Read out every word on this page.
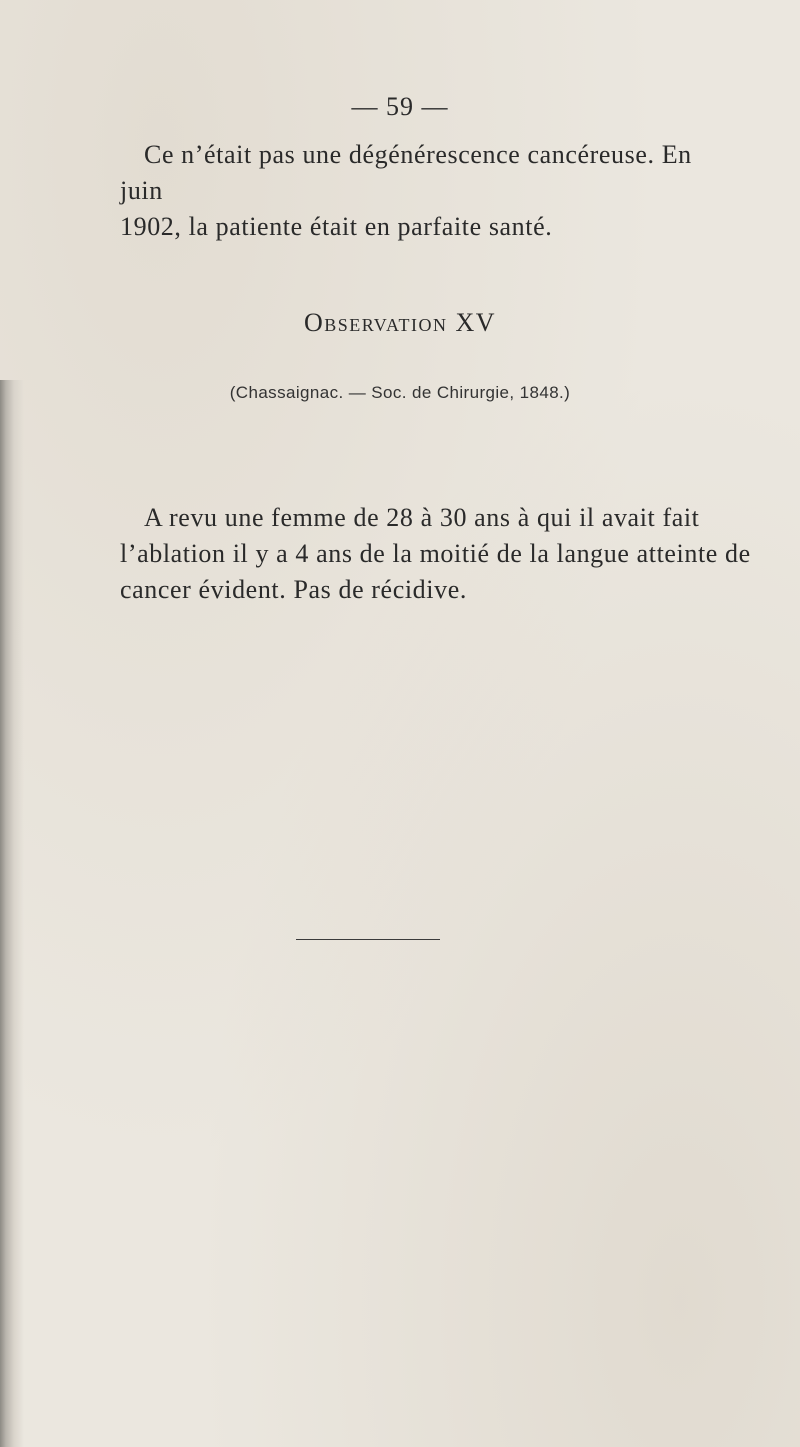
— 59 —

Ce n’était pas une dégénérescence cancéreuse. En juin
1902, la patiente était en parfaite santé.

Observation XV
(Chassaignac. — Soc. de Chirurgie, 1848.)

A revu une femme de 28 à 30 ans à qui il avait fait
l’ablation il y a 4 ans de la moitié de la langue atteinte de
cancer évident. Pas de récidive.
